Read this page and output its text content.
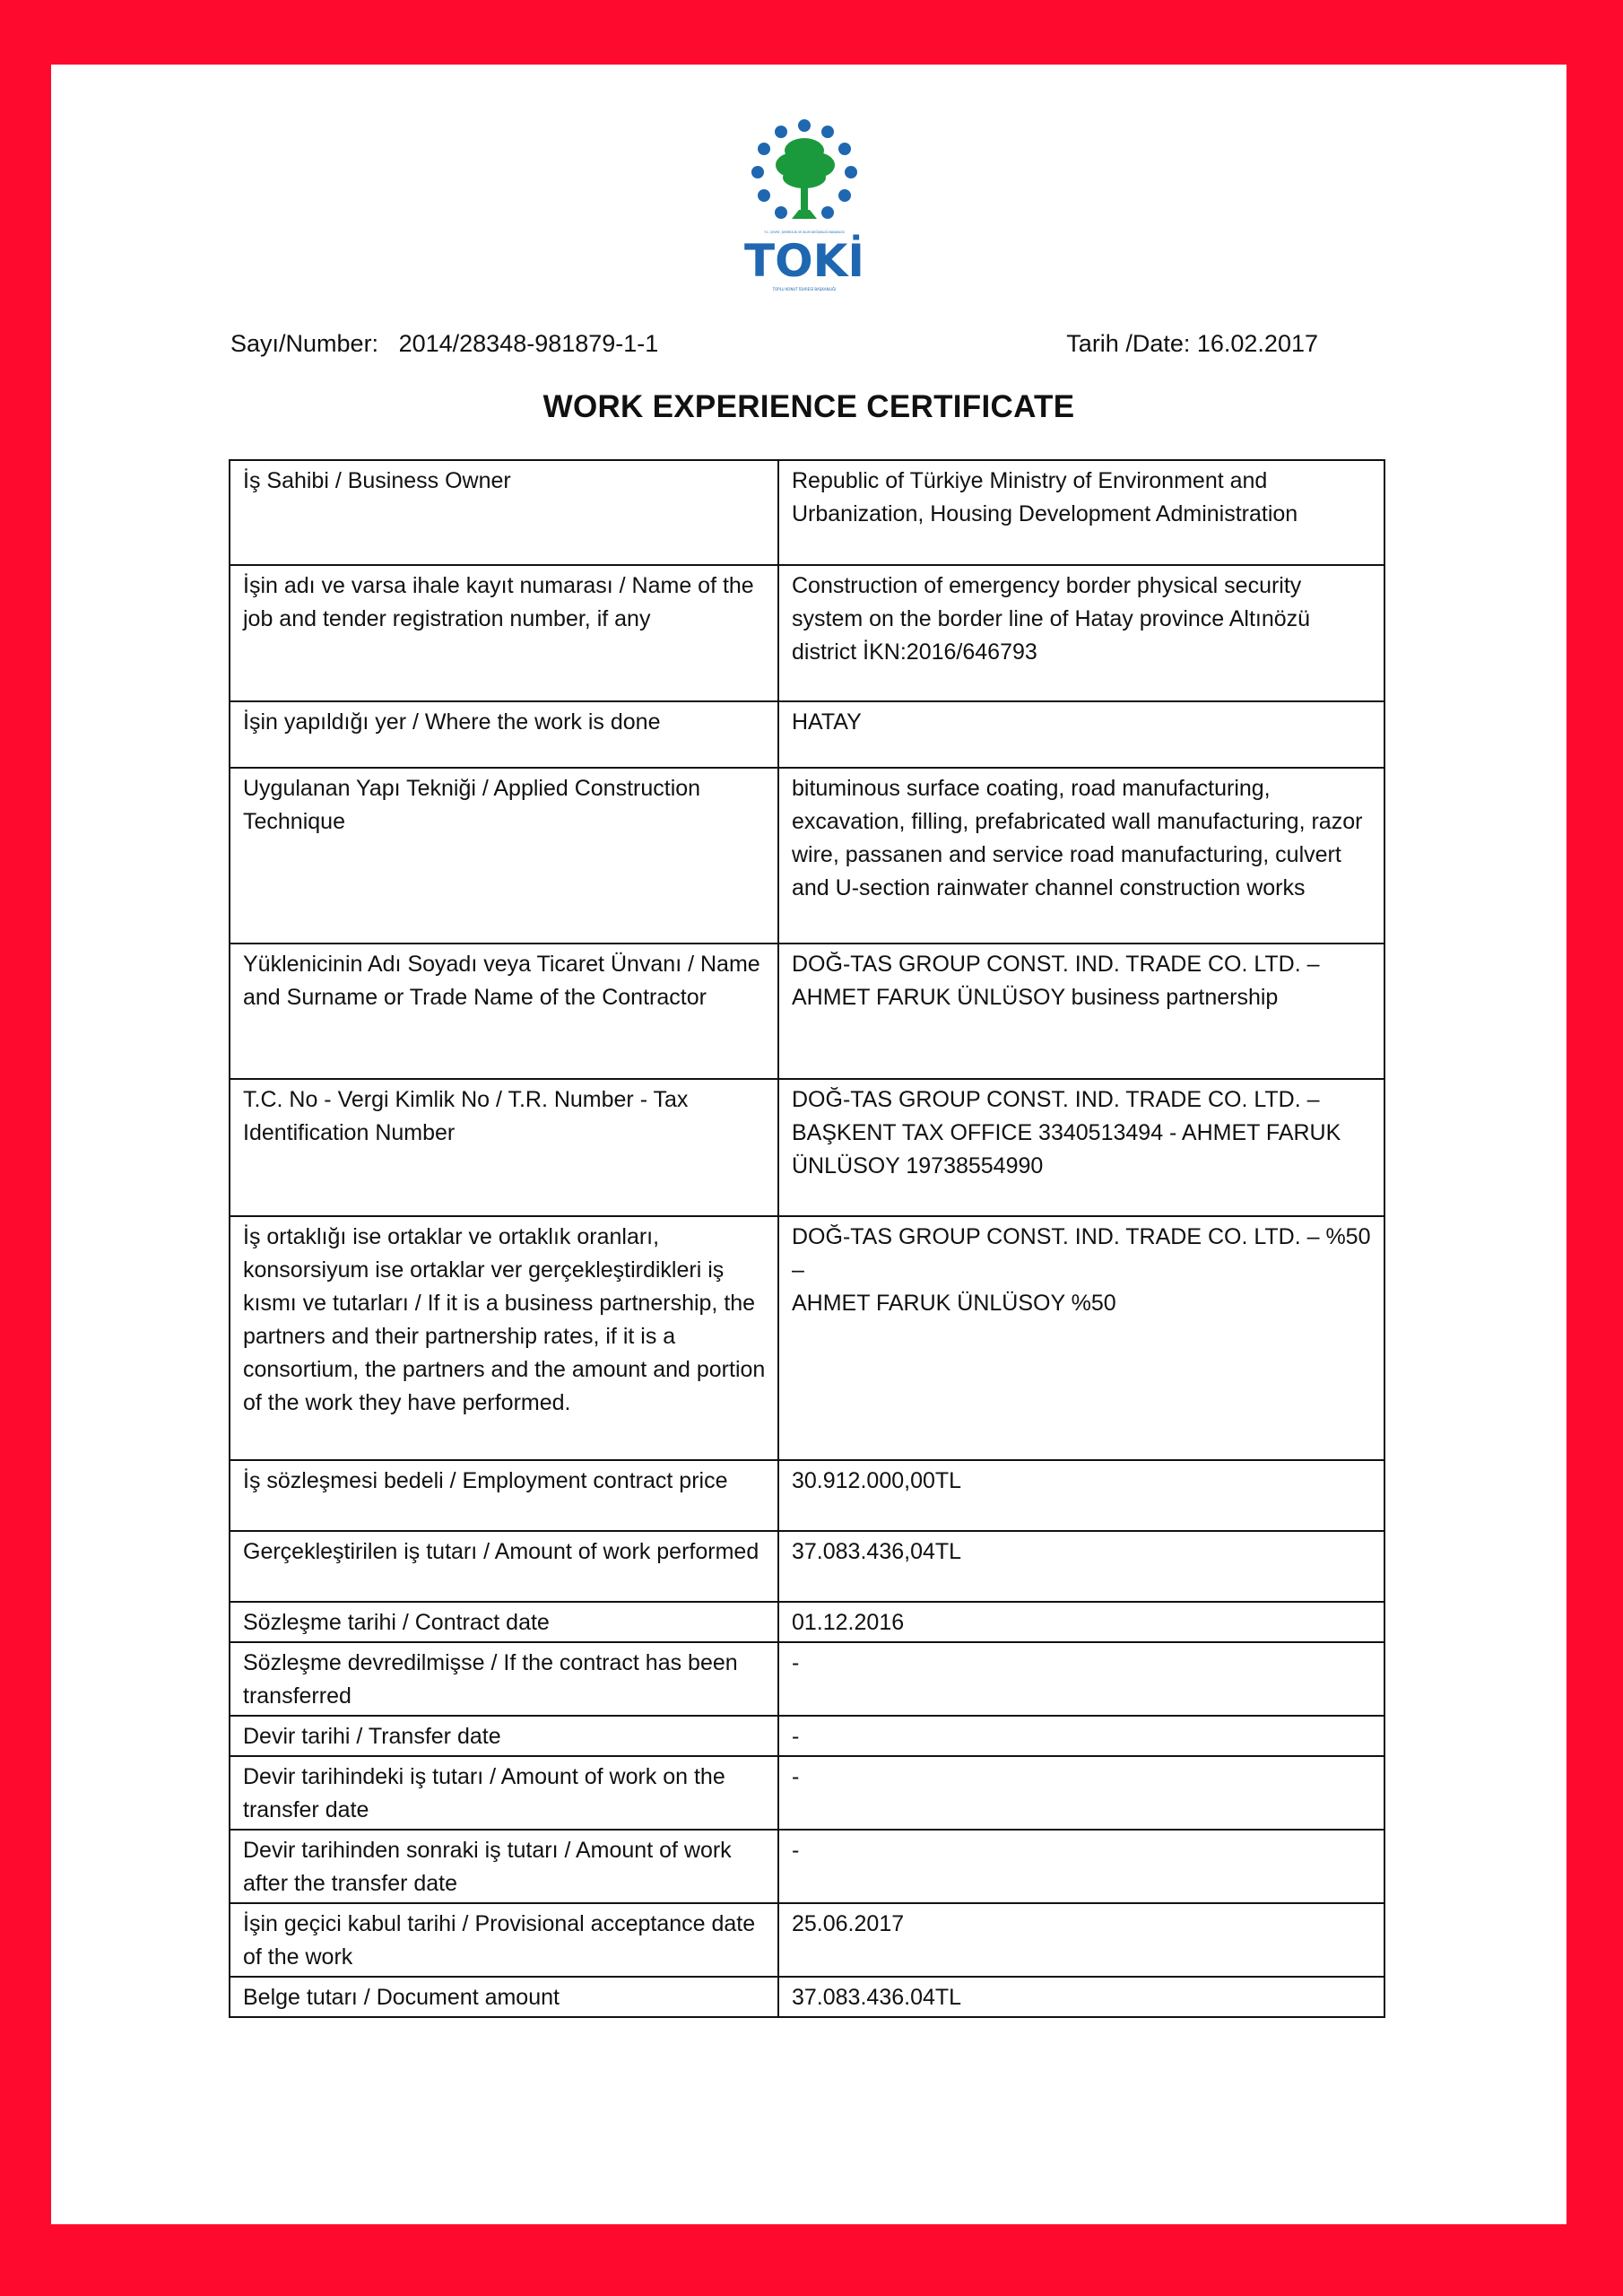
T.C. ÇEVRE, ŞEHİRCİLİK VE İKLİM DEĞİŞİKLİĞİ BAKANLIĞI
TOKİ
TOPLU KONUT İDARESİ BAŞKANLIĞI
Sayı/Number:   2014/28348-981879-1-1	Tarih /Date: 16.02.2017
WORK EXPERIENCE CERTIFICATE
İş Sahibi / Business Owner	Republic of Türkiye Ministry of Environment and Urbanization, Housing Development Administration
İşin adı ve varsa ihale kayıt numarası / Name of the job and tender registration number, if any	Construction of emergency border physical security system on the border line of Hatay province Altınözü district İKN:2016/646793
İşin yapıldığı yer / Where the work is done	HATAY
Uygulanan Yapı Tekniği / Applied Construction Technique	bituminous surface coating, road manufacturing, excavation, filling, prefabricated wall manufacturing, razor wire, passanen and service road manufacturing, culvert and U-section rainwater channel construction works
Yüklenicinin Adı Soyadı veya Ticaret Ünvanı / Name and Surname or Trade Name of the Contractor	DOĞ-TAS GROUP CONST. IND. TRADE CO. LTD. – AHMET FARUK ÜNLÜSOY business partnership
T.C. No - Vergi Kimlik No / T.R. Number - Tax Identification Number	DOĞ-TAS GROUP CONST. IND. TRADE CO. LTD. – BAŞKENT TAX OFFICE 3340513494 - AHMET FARUK ÜNLÜSOY 19738554990
İş ortaklığı ise ortaklar ve ortaklık oranları, konsorsiyum ise ortaklar ver gerçekleştirdikleri iş kısmı ve tutarları / If it is a business partnership, the partners and their partnership rates, if it is a consortium, the partners and the amount and portion of the work they have performed.	DOĞ-TAS GROUP CONST. IND. TRADE CO. LTD. – %50 –
AHMET FARUK ÜNLÜSOY %50
İş sözleşmesi bedeli / Employment contract price	30.912.000,00TL
Gerçekleştirilen iş tutarı / Amount of work performed	37.083.436,04TL
Sözleşme tarihi / Contract date	01.12.2016
Sözleşme devredilmişse / If the contract has been transferred	-
Devir tarihi / Transfer date	-
Devir tarihindeki iş tutarı / Amount of work on the transfer date	-
Devir tarihinden sonraki iş tutarı / Amount of work after the transfer date	-
İşin geçici kabul tarihi / Provisional acceptance date of the work	25.06.2017
Belge tutarı / Document amount	37.083.436.04TL
